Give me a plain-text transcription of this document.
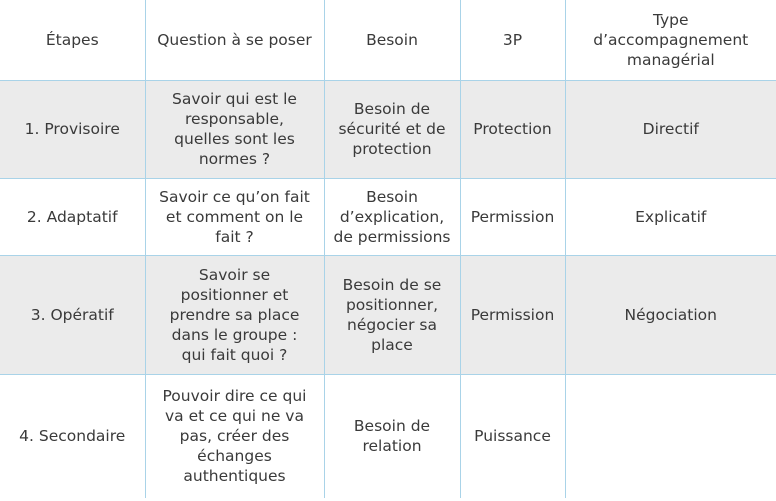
Étapes	Question à se poser	Besoin	3P	Type d’accompagnement managérial
1. Provisoire	Savoir qui est le responsable, quelles sont les normes ?	Besoin de sécurité et de protection	Protection	Directif
2. Adaptatif	Savoir ce qu’on fait et comment on le fait ?	Besoin d’explication, de permissions	Permission	Explicatif
3. Opératif	Savoir se positionner et prendre sa place dans le groupe : qui fait quoi ?	Besoin de se positionner, négocier sa place	Permission	Négociation
4. Secondaire	Pouvoir dire ce qui va et ce qui ne va pas, créer des échanges authentiques	Besoin de relation	Puissance	
